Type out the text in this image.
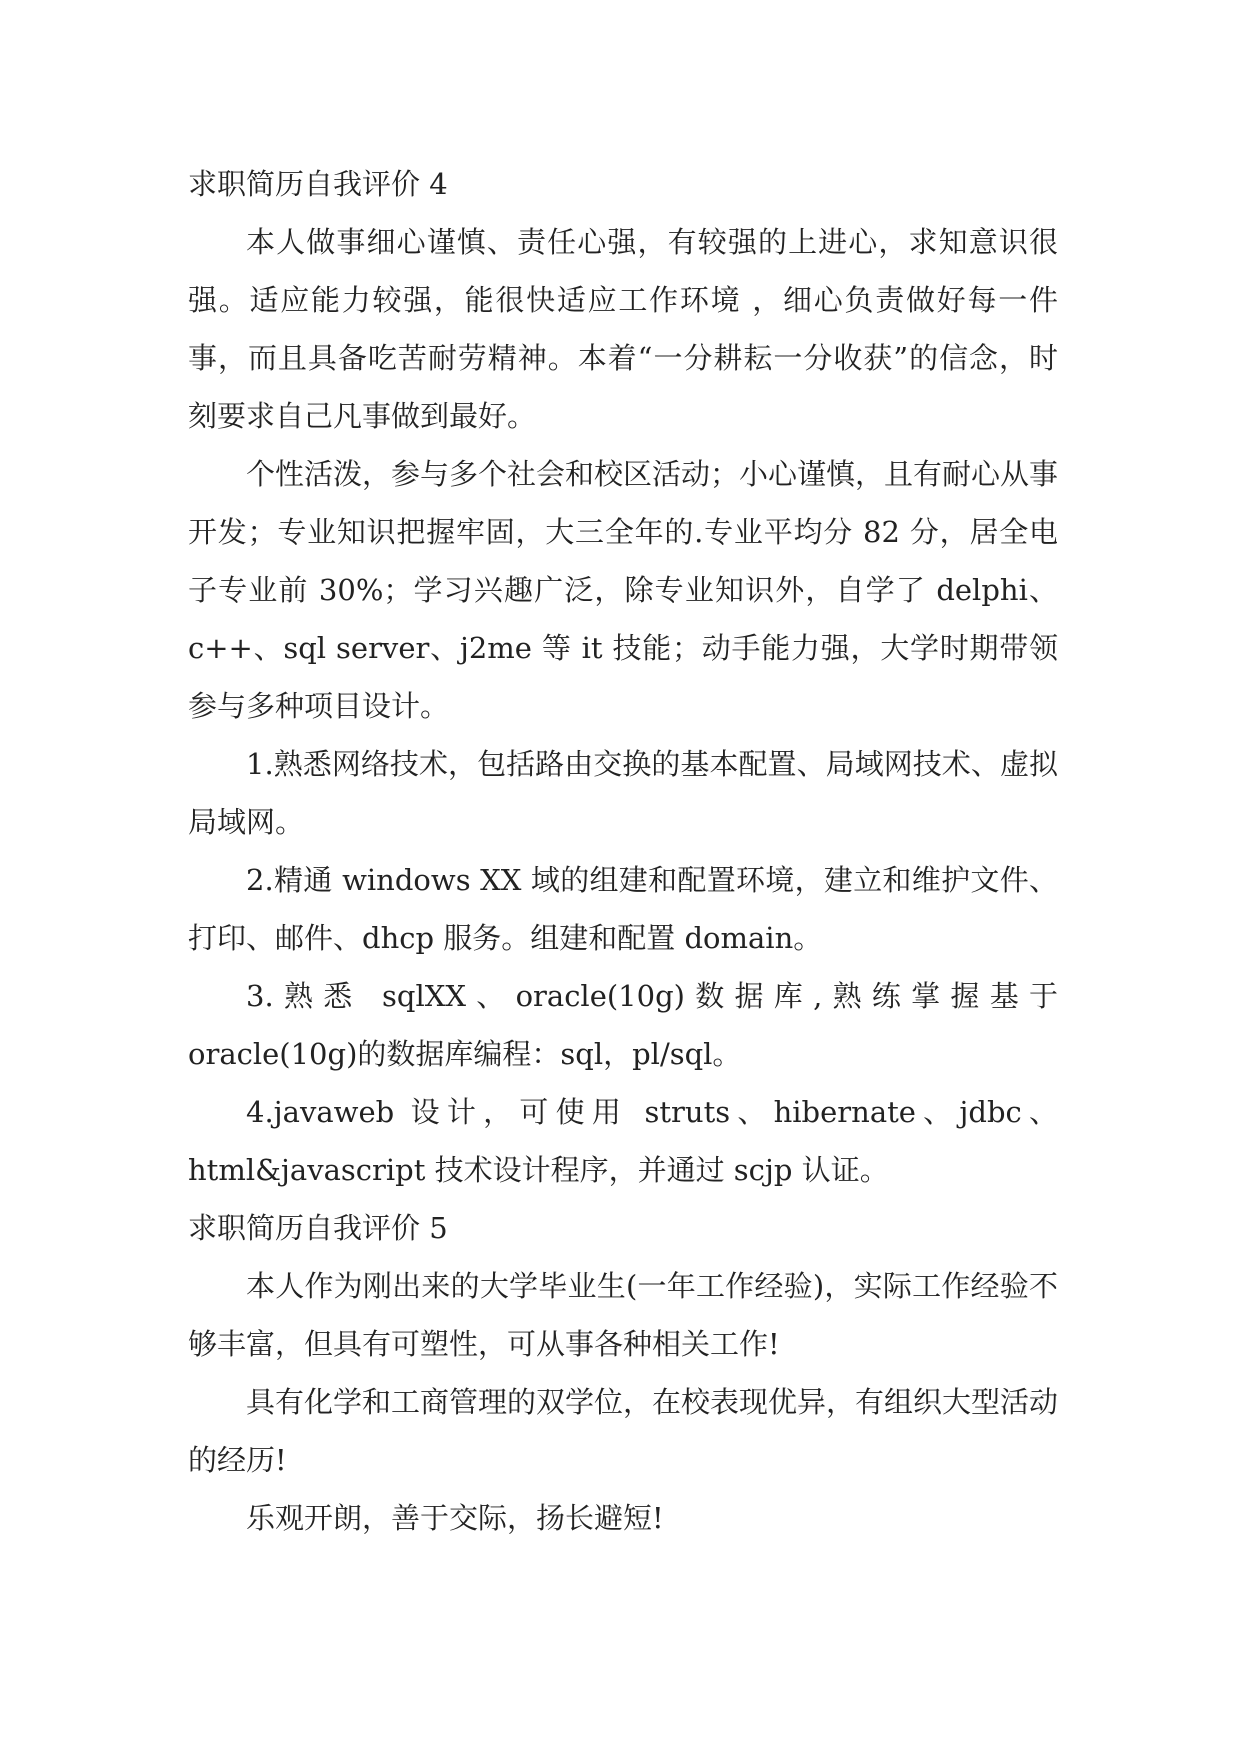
求职简历自我评价 4

本人做事细心谨慎、责任心强，有较强的上进心，求知意识很强。适应能力较强，能很快适应工作环境 ，细心负责做好每一件事，而且具备吃苦耐劳精神。本着“一分耕耘一分收获”的信念，时刻要求自己凡事做到最好。

个性活泼，参与多个社会和校区活动；小心谨慎，且有耐心从事开发；专业知识把握牢固，大三全年的.专业平均分 82 分，居全电子专业前 30%；学习兴趣广泛，除专业知识外，自学了 delphi、c++、sql server、j2me 等 it 技能；动手能力强，大学时期带领参与多种项目设计。

1.熟悉网络技术，包括路由交换的基本配置、局域网技术、虚拟局域网。

2.精通 windows XX 域的组建和配置环境，建立和维护文件、打印、邮件、dhcp 服务。组建和配置 domain。

3.熟悉 sqlXX、oracle(10g)数据库,熟练掌握基于 oracle(10g)的数据库编程：sql，pl/sql。

4.javaweb 设计，可使用 struts、hibernate、jdbc、html&javascript 技术设计程序，并通过 scjp 认证。

求职简历自我评价 5

本人作为刚出来的大学毕业生(一年工作经验)，实际工作经验不够丰富，但具有可塑性，可从事各种相关工作!

具有化学和工商管理的双学位，在校表现优异，有组织大型活动的经历!

乐观开朗，善于交际，扬长避短!
